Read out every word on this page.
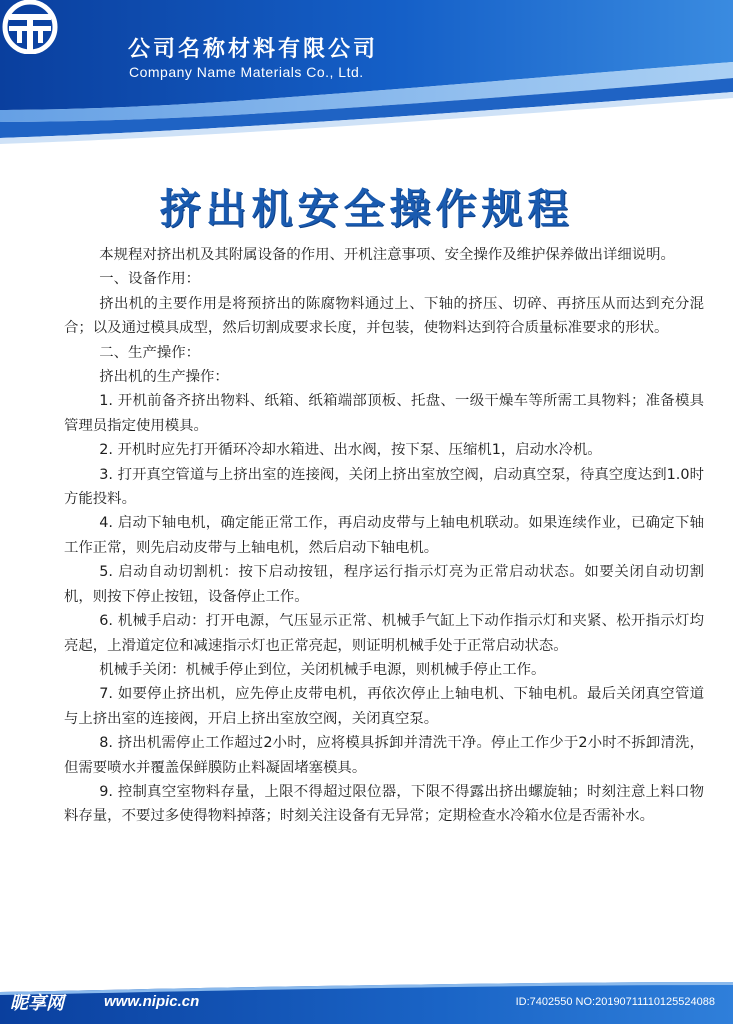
公司名称材料有限公司
Company Name Materials Co., Ltd.
挤出机安全操作规程

本规程对挤出机及其附属设备的作用、开机注意事项、安全操作及维护保养做出详细说明。

一、设备作用：

挤出机的主要作用是将预挤出的陈腐物料通过上、下轴的挤压、切碎、再挤压从而达到充分混合；以及通过模具成型，然后切割成要求长度，并包装，使物料达到符合质量标准要求的形状。

二、生产操作：

挤出机的生产操作：

1. 开机前备齐挤出物料、纸箱、纸箱端部顶板、托盘、一级干燥车等所需工具物料；准备模具管理员指定使用模具。

2. 开机时应先打开循环冷却水箱进、出水阀，按下泵、压缩机1，启动水冷机。

3. 打开真空管道与上挤出室的连接阀，关闭上挤出室放空阀，启动真空泵，待真空度达到1.0时方能投料。

4. 启动下轴电机，确定能正常工作，再启动皮带与上轴电机联动。如果连续作业，已确定下轴工作正常，则先启动皮带与上轴电机，然后启动下轴电机。

5. 启动自动切割机：按下启动按钮，程序运行指示灯亮为正常启动状态。如要关闭自动切割机，则按下停止按钮，设备停止工作。

6. 机械手启动：打开电源，气压显示正常、机械手气缸上下动作指示灯和夹紧、松开指示灯均亮起，上滑道定位和减速指示灯也正常亮起，则证明机械手处于正常启动状态。

机械手关闭：机械手停止到位，关闭机械手电源，则机械手停止工作。

7. 如要停止挤出机，应先停止皮带电机，再依次停止上轴电机、下轴电机。最后关闭真空管道与上挤出室的连接阀，开启上挤出室放空阀，关闭真空泵。

8. 挤出机需停止工作超过2小时，应将模具拆卸并清洗干净。停止工作少于2小时不拆卸清洗，但需要喷水并覆盖保鲜膜防止料凝固堵塞模具。

9. 控制真空室物料存量，上限不得超过限位器，下限不得露出挤出螺旋轴；时刻注意上料口物料存量，不要过多使得物料掉落；时刻关注设备有无异常；定期检查水冷箱水位是否需补水。

昵享网	www.nipic.cn	ID:7402550 NO:20190711110125524088
